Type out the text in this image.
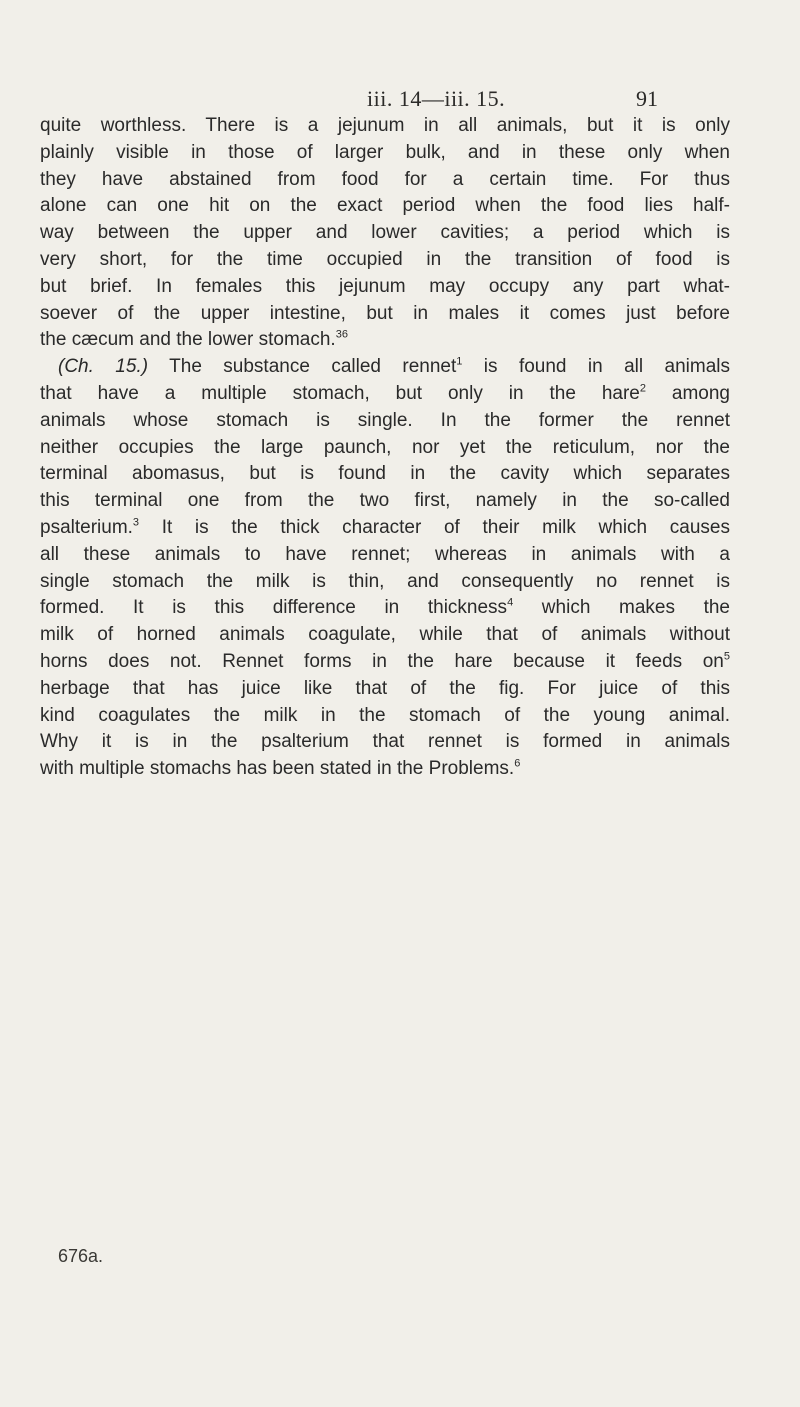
iii. 14—iii. 15.	91
quite worthless. There is a jejunum in all animals, but it is only
plainly visible in those of larger bulk, and in these only when
they have abstained from food for a certain time. For thus
alone can one hit on the exact period when the food lies half-
way between the upper and lower cavities; a period which is
very short, for the time occupied in the transition of food is
but brief. In females this jejunum may occupy any part what-
soever of the upper intestine, but in males it comes just before
the cæcum and the lower stomach.$^{36}$
(Ch. 15.) The substance called rennet$^1$ is found in all animals
that have a multiple stomach, but only in the hare$^2$ among
animals whose stomach is single. In the former the rennet
neither occupies the large paunch, nor yet the reticulum, nor the
terminal abomasus, but is found in the cavity which separates
this terminal one from the two first, namely in the so-called
psalterium.$^3$ It is the thick character of their milk which causes
all these animals to have rennet; whereas in animals with a
single stomach the milk is thin, and consequently no rennet is
formed. It is this difference in thickness$^4$ which makes the
milk of horned animals coagulate, while that of animals without
horns does not. Rennet forms in the hare because it feeds $on^5$
herbage that has juice like that of the fig. For juice of this
kind coagulates the milk in the stomach of the young animal.
Why it is in the psalterium that rennet is formed in animals
with multiple stomachs has been stated in the Problems.$^6$
676a.
